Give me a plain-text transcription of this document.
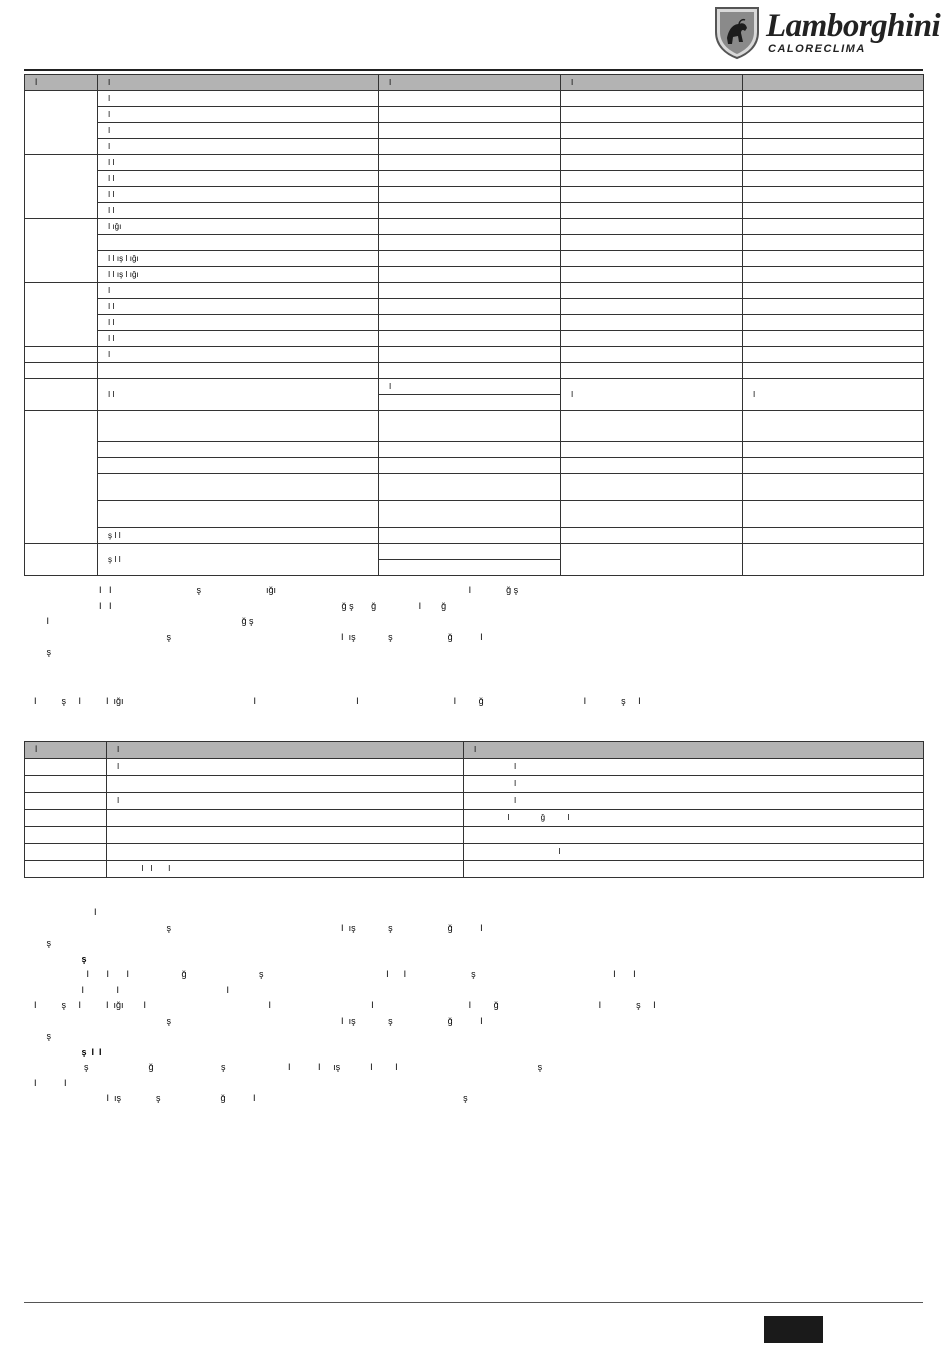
Lamborghini
CALORECLIMA
İ	I	I	I	
	I			
	I			
	I			
	I			
	I I			
	I I			
	I I			
	I I			
	I ığı			

	I I ış I ığı			
	I I ış I ığı			
	I			
	I I			
	I I			
	I I			
	I			

	I I	I	I	I

	ş I I			
	ş I I			

I   I                                  ş                          ığı                                                                             I              ğ ş
I   I                                                                                            ğ ş       ğ                 I        ğ
I                                                                             ğ ş
ş                                                                    I  ış             ş                      ğ           I
ş
I          ş     I          I  ığı                                                    I                                        I                                      I         ğ                                        I              ş     I
İ	I	I
	I	I
		I
	I	I
		I              ğ          I

		I
	I   I       I	
I
ş                                                                    I  ış             ş                      ğ           I
ş
ş
I       I       I                     ğ                             ş                                                 I      I                          ş                                                       I       I
I             I                                           I
I          ş     I          I  ığı        I                                                 I                                        I                                      I         ğ                                        I              ş     I
ş                                                                    I  ış             ş                      ğ           I
ş
ş  I  I
ş                        ğ                           ş                         I           I     ış            I         I                                                        ş
I           I
I  ış              ş                        ğ           I                                                                                   ş
